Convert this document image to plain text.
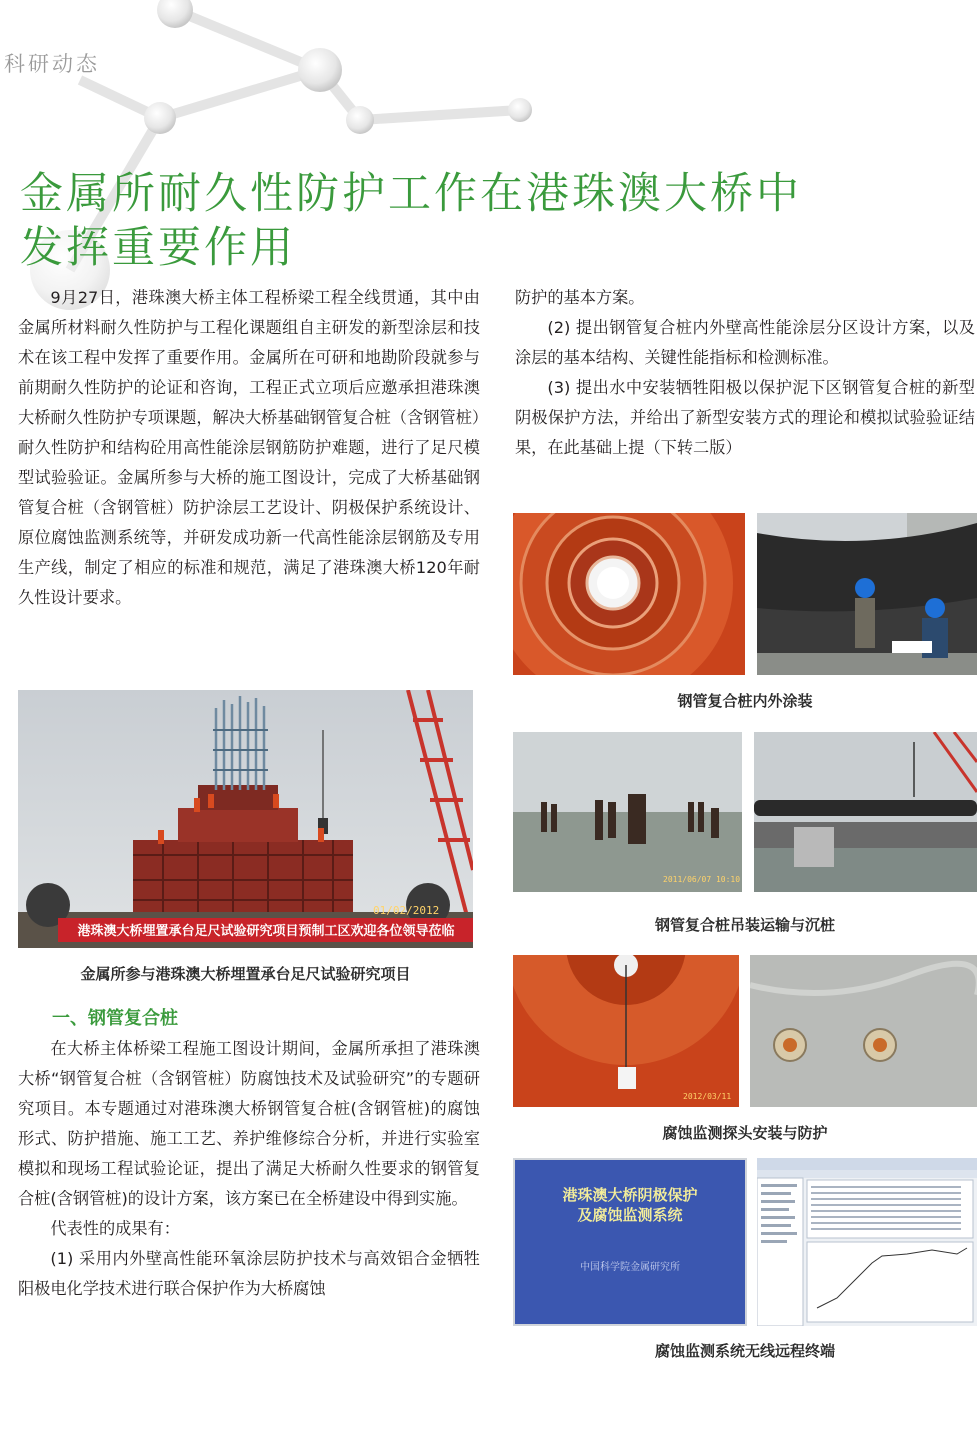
科研动态
金属所耐久性防护工作在港珠澳大桥中
发挥重要作用

9月27日，港珠澳大桥主体工程桥梁工程全线贯通，其中由金属所材料耐久性防护与工程化课题组自主研发的新型涂层和技术在该工程中发挥了重要作用。金属所在可研和地勘阶段就参与前期耐久性防护的论证和咨询，工程正式立项后应邀承担港珠澳大桥耐久性防护专项课题，解决大桥基础钢管复合桩（含钢管桩）耐久性防护和结构砼用高性能涂层钢筋防护难题，进行了足尺模型试验验证。金属所参与大桥的施工图设计，完成了大桥基础钢管复合桩（含钢管桩）防护涂层工艺设计、阴极保护系统设计、原位腐蚀监测系统等，并研发成功新一代高性能涂层钢筋及专用生产线，制定了相应的标准和规范，满足了港珠澳大桥120年耐久性设计要求。

防护的基本方案。

(2) 提出钢管复合桩内外壁高性能涂层分区设计方案，以及涂层的基本结构、关键性能指标和检测标准。

(3) 提出水中安装牺牲阳极以保护泥下区钢管复合桩的新型阴极保护方法，并给出了新型安装方式的理论和模拟试验验证结果，在此基础上提（下转二版）

港珠澳大桥埋置承台足尺试验研究项目预制工区欢迎各位领导莅临
01/02/2012
金属所参与港珠澳大桥埋置承台足尺试验研究项目
一、钢管复合桩

在大桥主体桥梁工程施工图设计期间，金属所承担了港珠澳大桥“钢管复合桩（含钢管桩）防腐蚀技术及试验研究”的专题研究项目。本专题通过对港珠澳大桥钢管复合桩(含钢管桩)的腐蚀形式、防护措施、施工工艺、养护维修综合分析，并进行实验室模拟和现场工程试验论证，提出了满足大桥耐久性要求的钢管复合桩(含钢管桩)的设计方案，该方案已在全桥建设中得到实施。

代表性的成果有：

(1) 采用内外壁高性能环氧涂层防护技术与高效铝合金牺牲阳极电化学技术进行联合保护作为大桥腐蚀

钢管复合桩内外涂装
2011/06/07 10:10
钢管复合桩吊装运输与沉桩
2012/03/11
腐蚀监测探头安装与防护
港珠澳大桥阴极保护
及腐蚀监测系统
中国科学院金属研究所
腐蚀监测系统无线远程终端
